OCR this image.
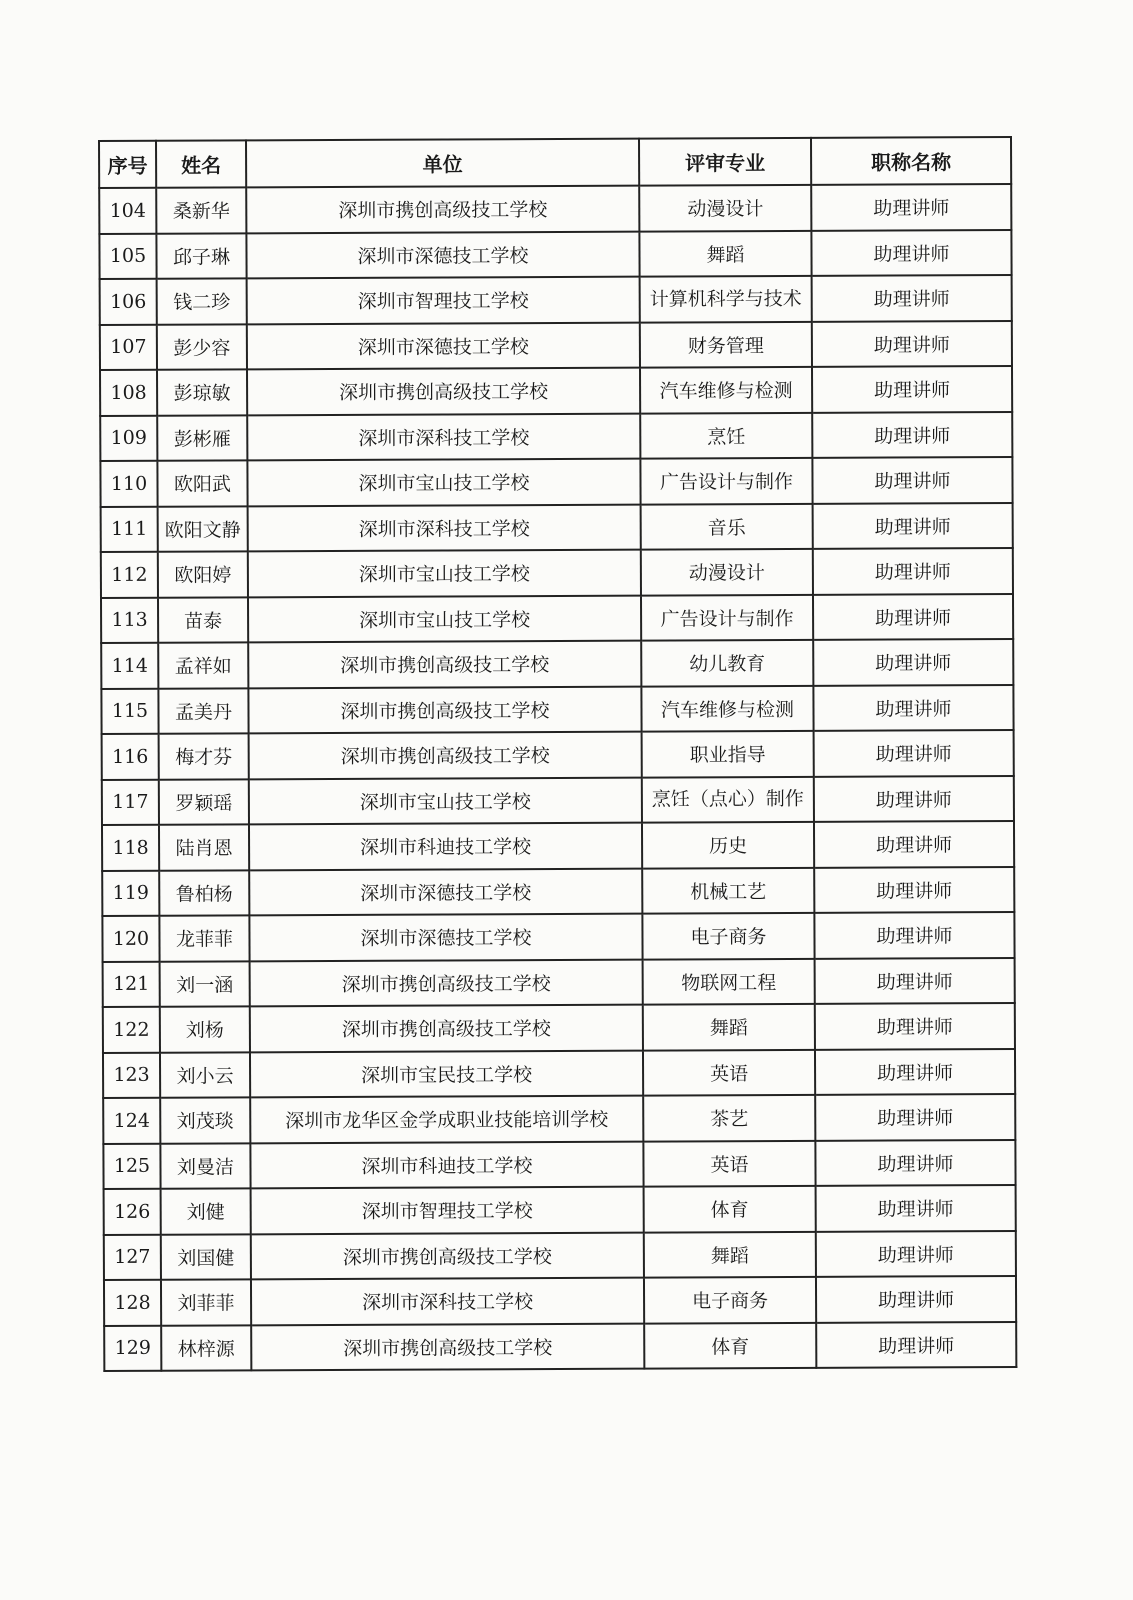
序号	姓名	单位	评审专业	职称名称
104	桑新华	深圳市携创高级技工学校	动漫设计	助理讲师
105	邱子琳	深圳市深德技工学校	舞蹈	助理讲师
106	钱二珍	深圳市智理技工学校	计算机科学与技术	助理讲师
107	彭少容	深圳市深德技工学校	财务管理	助理讲师
108	彭琼敏	深圳市携创高级技工学校	汽车维修与检测	助理讲师
109	彭彬雁	深圳市深科技工学校	烹饪	助理讲师
110	欧阳武	深圳市宝山技工学校	广告设计与制作	助理讲师
111	欧阳文静	深圳市深科技工学校	音乐	助理讲师
112	欧阳婷	深圳市宝山技工学校	动漫设计	助理讲师
113	苗泰	深圳市宝山技工学校	广告设计与制作	助理讲师
114	孟祥如	深圳市携创高级技工学校	幼儿教育	助理讲师
115	孟美丹	深圳市携创高级技工学校	汽车维修与检测	助理讲师
116	梅才芬	深圳市携创高级技工学校	职业指导	助理讲师
117	罗颖瑶	深圳市宝山技工学校	烹饪（点心）制作	助理讲师
118	陆肖恩	深圳市科迪技工学校	历史	助理讲师
119	鲁柏杨	深圳市深德技工学校	机械工艺	助理讲师
120	龙菲菲	深圳市深德技工学校	电子商务	助理讲师
121	刘一涵	深圳市携创高级技工学校	物联网工程	助理讲师
122	刘杨	深圳市携创高级技工学校	舞蹈	助理讲师
123	刘小云	深圳市宝民技工学校	英语	助理讲师
124	刘茂琰	深圳市龙华区金学成职业技能培训学校	茶艺	助理讲师
125	刘曼洁	深圳市科迪技工学校	英语	助理讲师
126	刘健	深圳市智理技工学校	体育	助理讲师
127	刘国健	深圳市携创高级技工学校	舞蹈	助理讲师
128	刘菲菲	深圳市深科技工学校	电子商务	助理讲师
129	林梓源	深圳市携创高级技工学校	体育	助理讲师
